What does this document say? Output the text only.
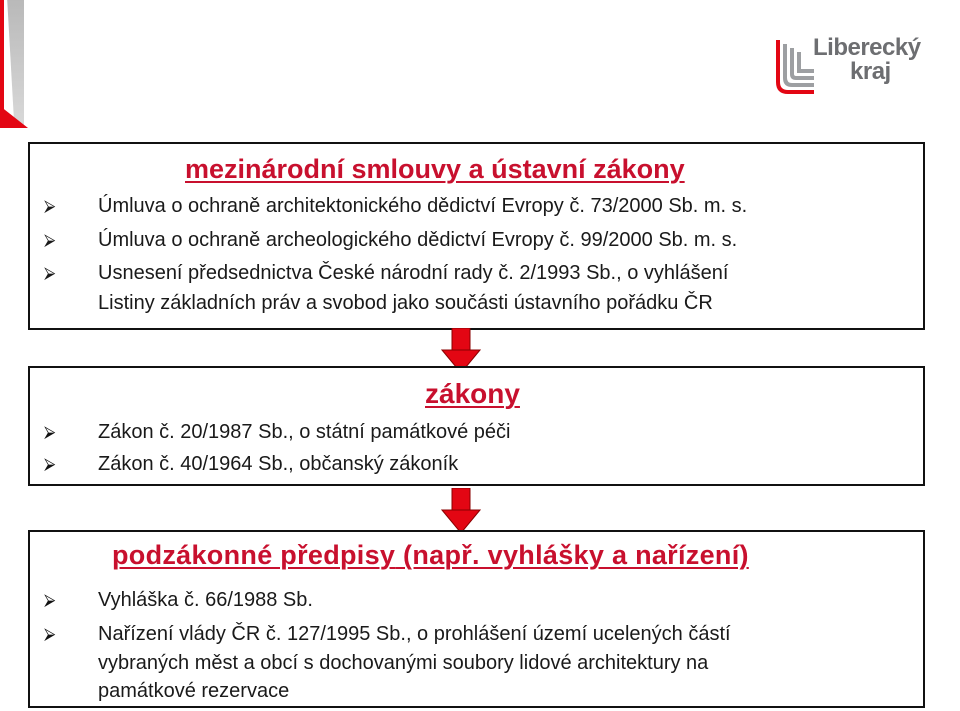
Liberecký
kraj
mezinárodní smlouvy a ústavní zákony
⮚ Úmluva o ochraně architektonického dědictví Evropy č. 73/2000 Sb. m. s.
⮚ Úmluva o ochraně archeologického dědictví Evropy č. 99/2000 Sb. m. s.
⮚ Usnesení předsednictva České národní rady č. 2/1993 Sb., o vyhlášení
Listiny základních práv a svobod jako součásti ústavního pořádku ČR
zákony
⮚ Zákon č. 20/1987 Sb., o státní památkové péči
⮚ Zákon č. 40/1964 Sb., občanský zákoník
podzákonné předpisy (např. vyhlášky a nařízení)
⮚ Vyhláška č. 66/1988 Sb.
⮚ Nařízení vlády ČR č. 127/1995 Sb., o prohlášení území ucelených částí
vybraných měst a obcí s dochovanými soubory lidové architektury na
památkové rezervace
